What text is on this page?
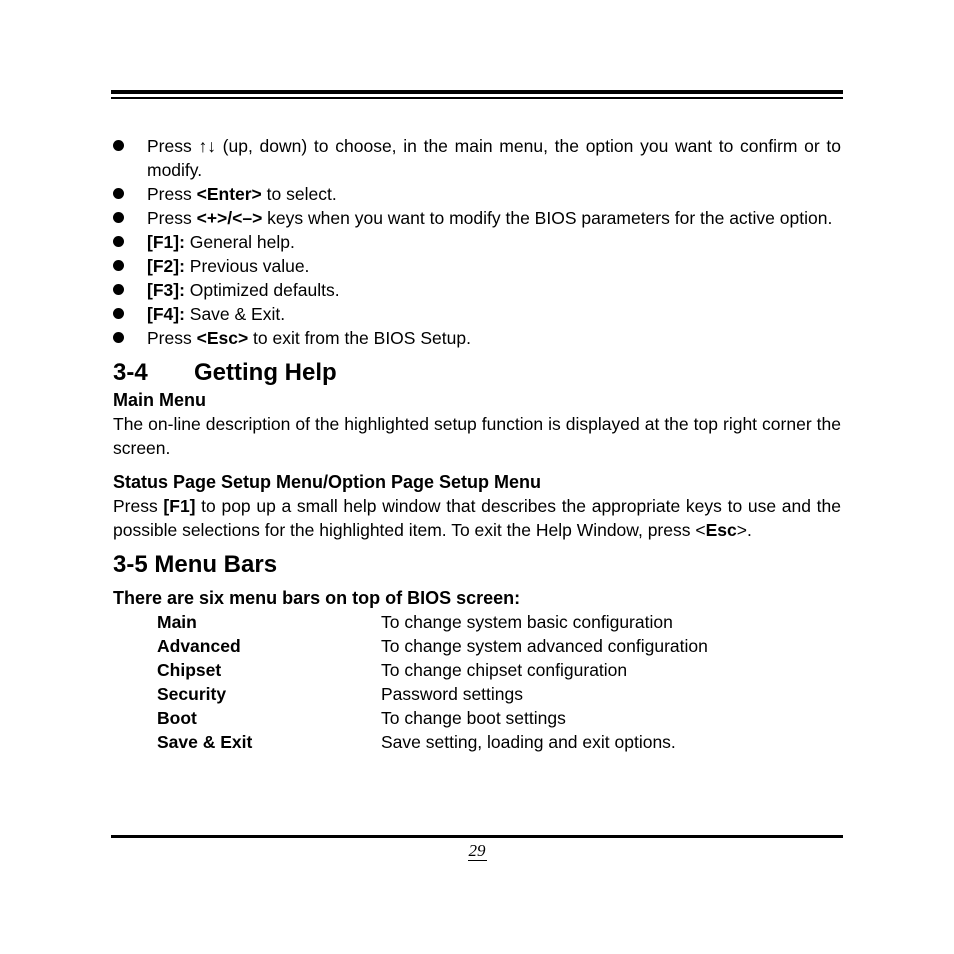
Press ↑↓ (up, down) to choose, in the main menu, the option you want to confirm or to modify.
Press <Enter> to select.
Press <+>/<–> keys when you want to modify the BIOS parameters for the active option.
[F1]: General help.
[F2]: Previous value.
[F3]: Optimized defaults.
[F4]: Save & Exit.
Press <Esc> to exit from the BIOS Setup.
3-4 Getting Help
Main Menu

The on-line description of the highlighted setup function is displayed at the top right corner the screen.

Status Page Setup Menu/Option Page Setup Menu

Press [F1] to pop up a small help window that describes the appropriate keys to use and the possible selections for the highlighted item. To exit the Help Window, press <Esc>.

3-5 Menu Bars
There are six menu bars on top of BIOS screen:
Main	To change system basic configuration
Advanced	To change system advanced configuration
Chipset	To change chipset configuration
Security	Password settings
Boot	To change boot settings
Save & Exit	Save setting, loading and exit options.
29
